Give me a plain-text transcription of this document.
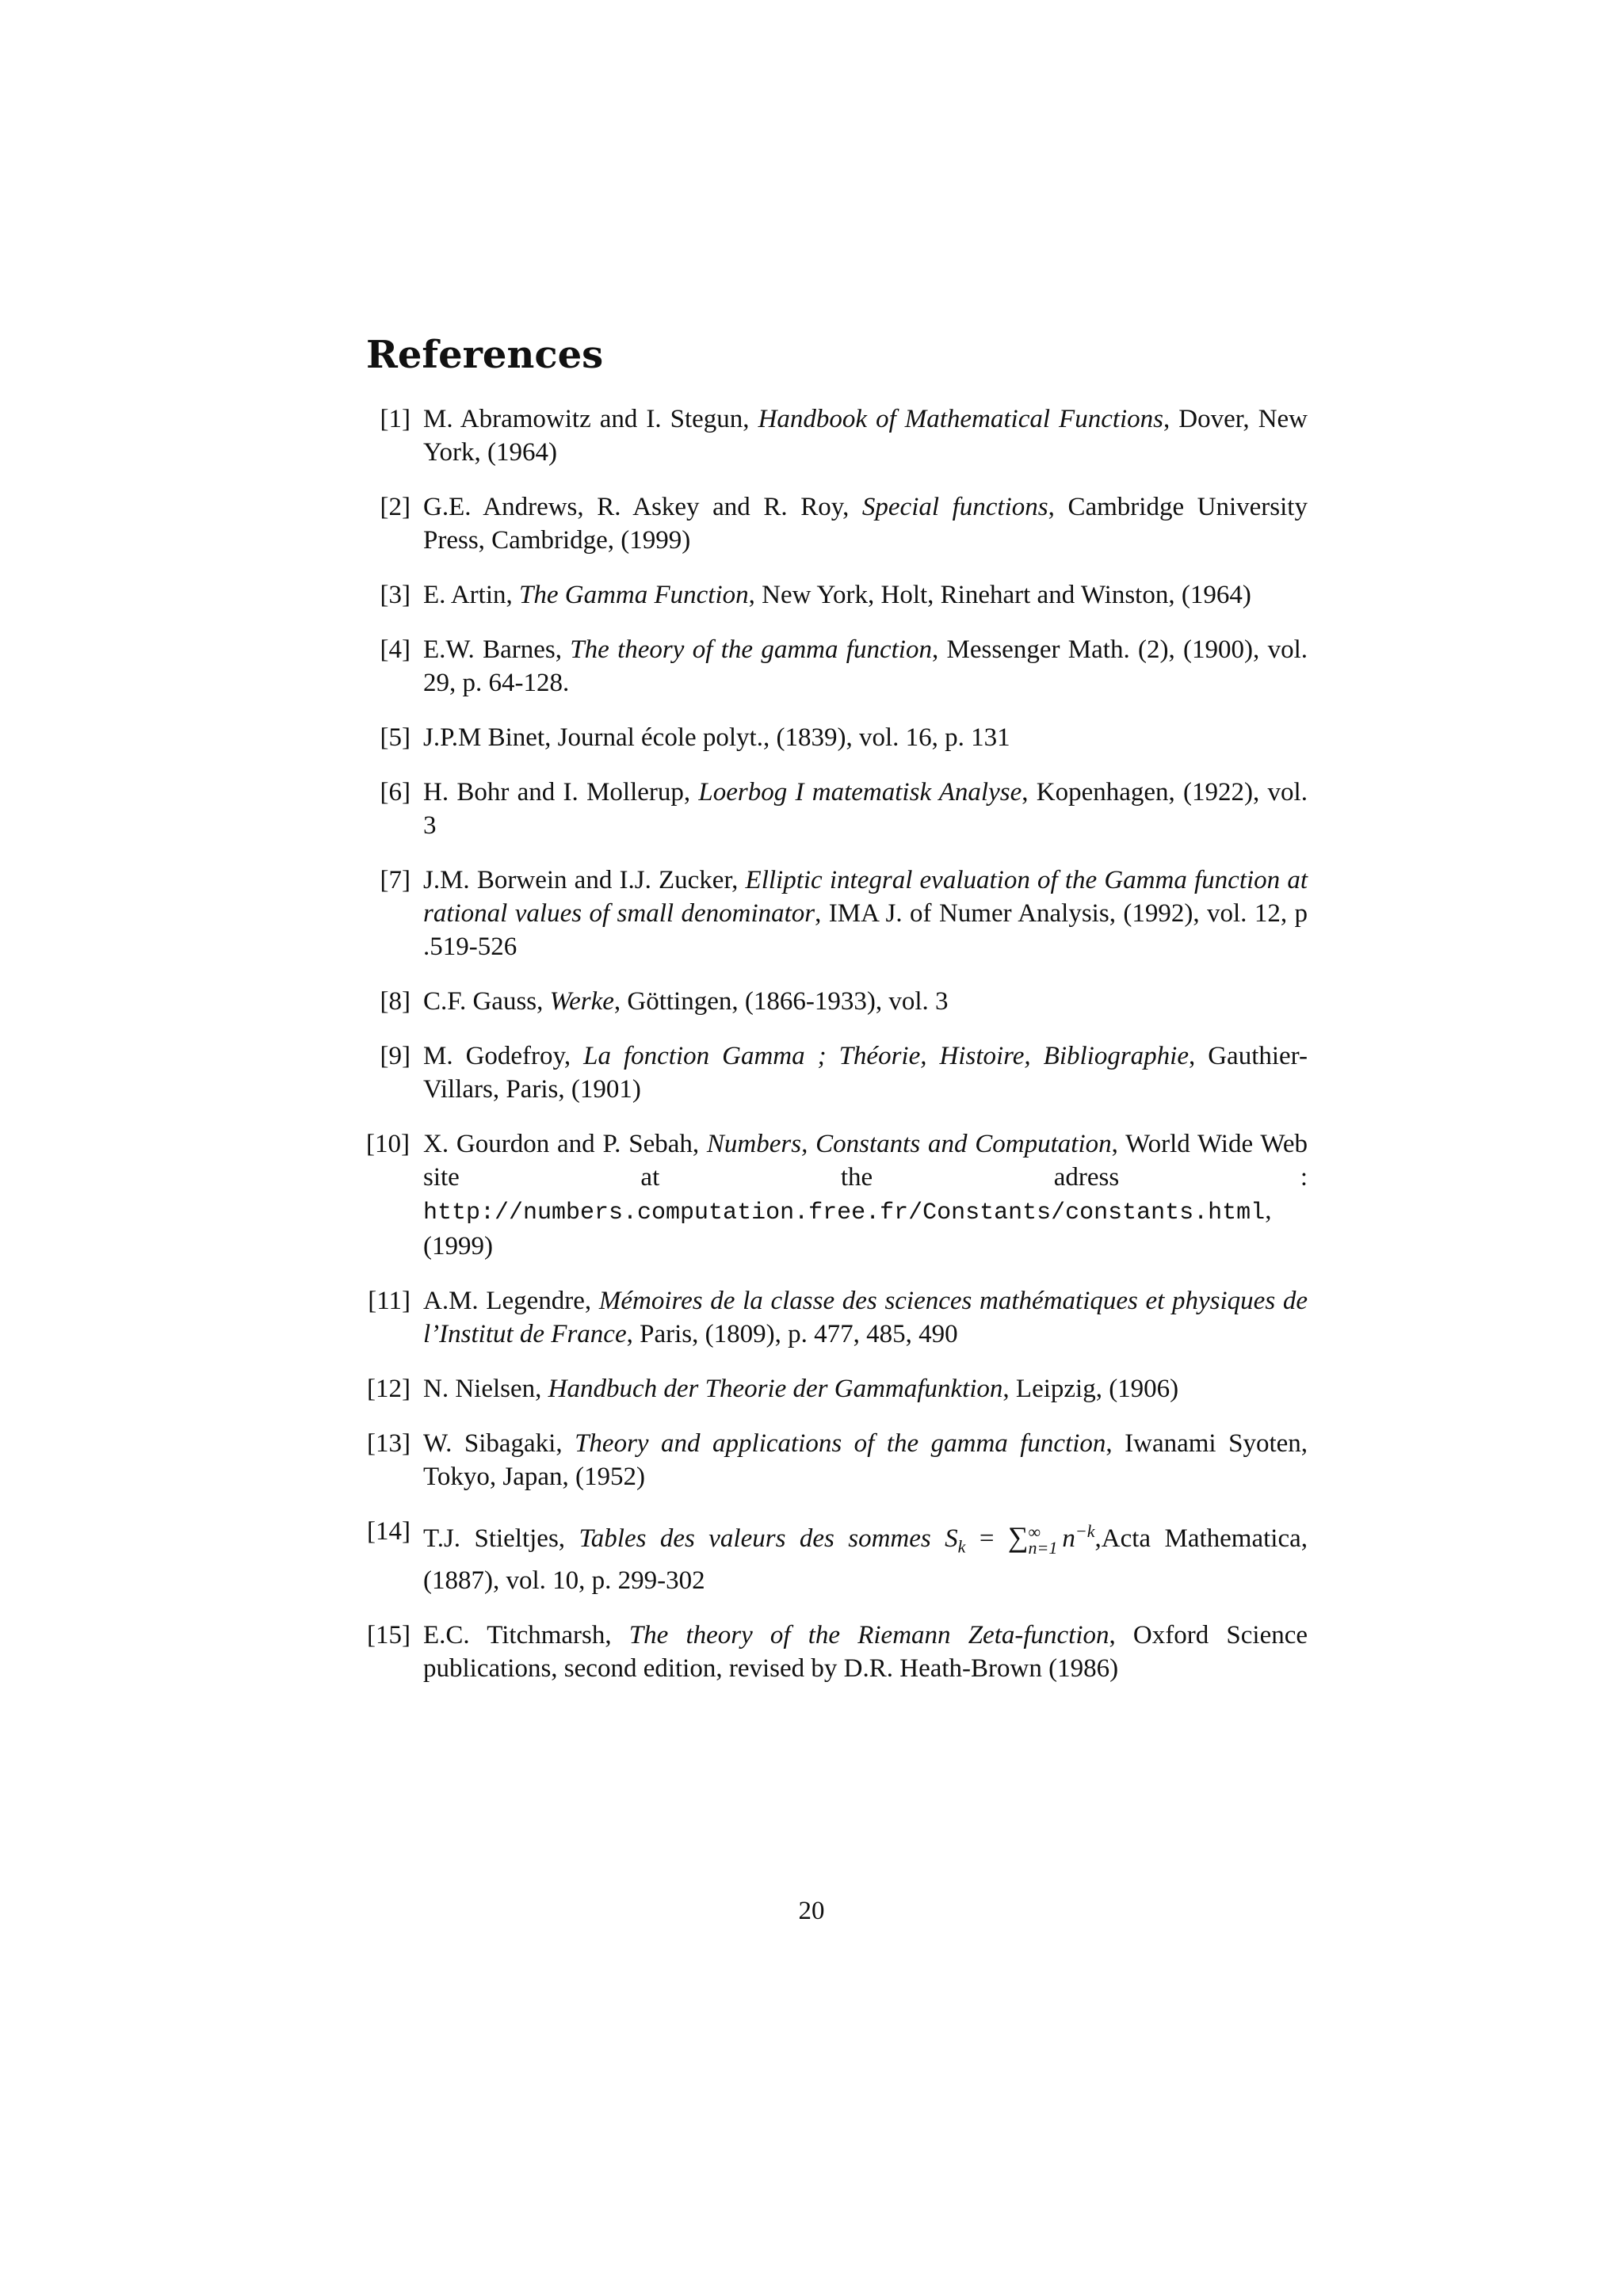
References
[1] M. Abramowitz and I. Stegun, Handbook of Mathematical Functions, Dover, New York, (1964)
[2] G.E. Andrews, R. Askey and R. Roy, Special functions, Cambridge University Press, Cambridge, (1999)
[3] E. Artin, The Gamma Function, New York, Holt, Rinehart and Winston, (1964)
[4] E.W. Barnes, The theory of the gamma function, Messenger Math. (2), (1900), vol. 29, p. 64-128.
[5] J.P.M Binet, Journal école polyt., (1839), vol. 16, p. 131
[6] H. Bohr and I. Mollerup, Loerbog I matematisk Analyse, Kopenhagen, (1922), vol. 3
[7] J.M. Borwein and I.J. Zucker, Elliptic integral evaluation of the Gamma function at rational values of small denominator, IMA J. of Numer Analysis, (1992), vol. 12, p .519-526
[8] C.F. Gauss, Werke, Göttingen, (1866-1933), vol. 3
[9] M. Godefroy, La fonction Gamma ; Théorie, Histoire, Bibliographie, Gauthier-Villars, Paris, (1901)
[10] X. Gourdon and P. Sebah, Numbers, Constants and Computation, World Wide Web site at the adress : http://numbers.computation.free.fr/Constants/constants.html,
(1999)
[11] A.M. Legendre, Mémoires de la classe des sciences mathématiques et physiques de l’Institut de France, Paris, (1809), p. 477, 485, 490
[12] N. Nielsen, Handbuch der Theorie der Gammafunktion, Leipzig, (1906)
[13] W. Sibagaki, Theory and applications of the gamma function, Iwanami Syoten, Tokyo, Japan, (1952)
[14] T.J. Stieltjes, Tables des valeurs des sommes $S_k$ = ∑ ∞
n=1 $n^{-k},Acta$ Mathematica, (1887), vol. 10, p. 299-302
[15] E.C. Titchmarsh, The theory of the Riemann Zeta-function, Oxford Science publications, second edition, revised by D.R. Heath-Brown (1986)
20
